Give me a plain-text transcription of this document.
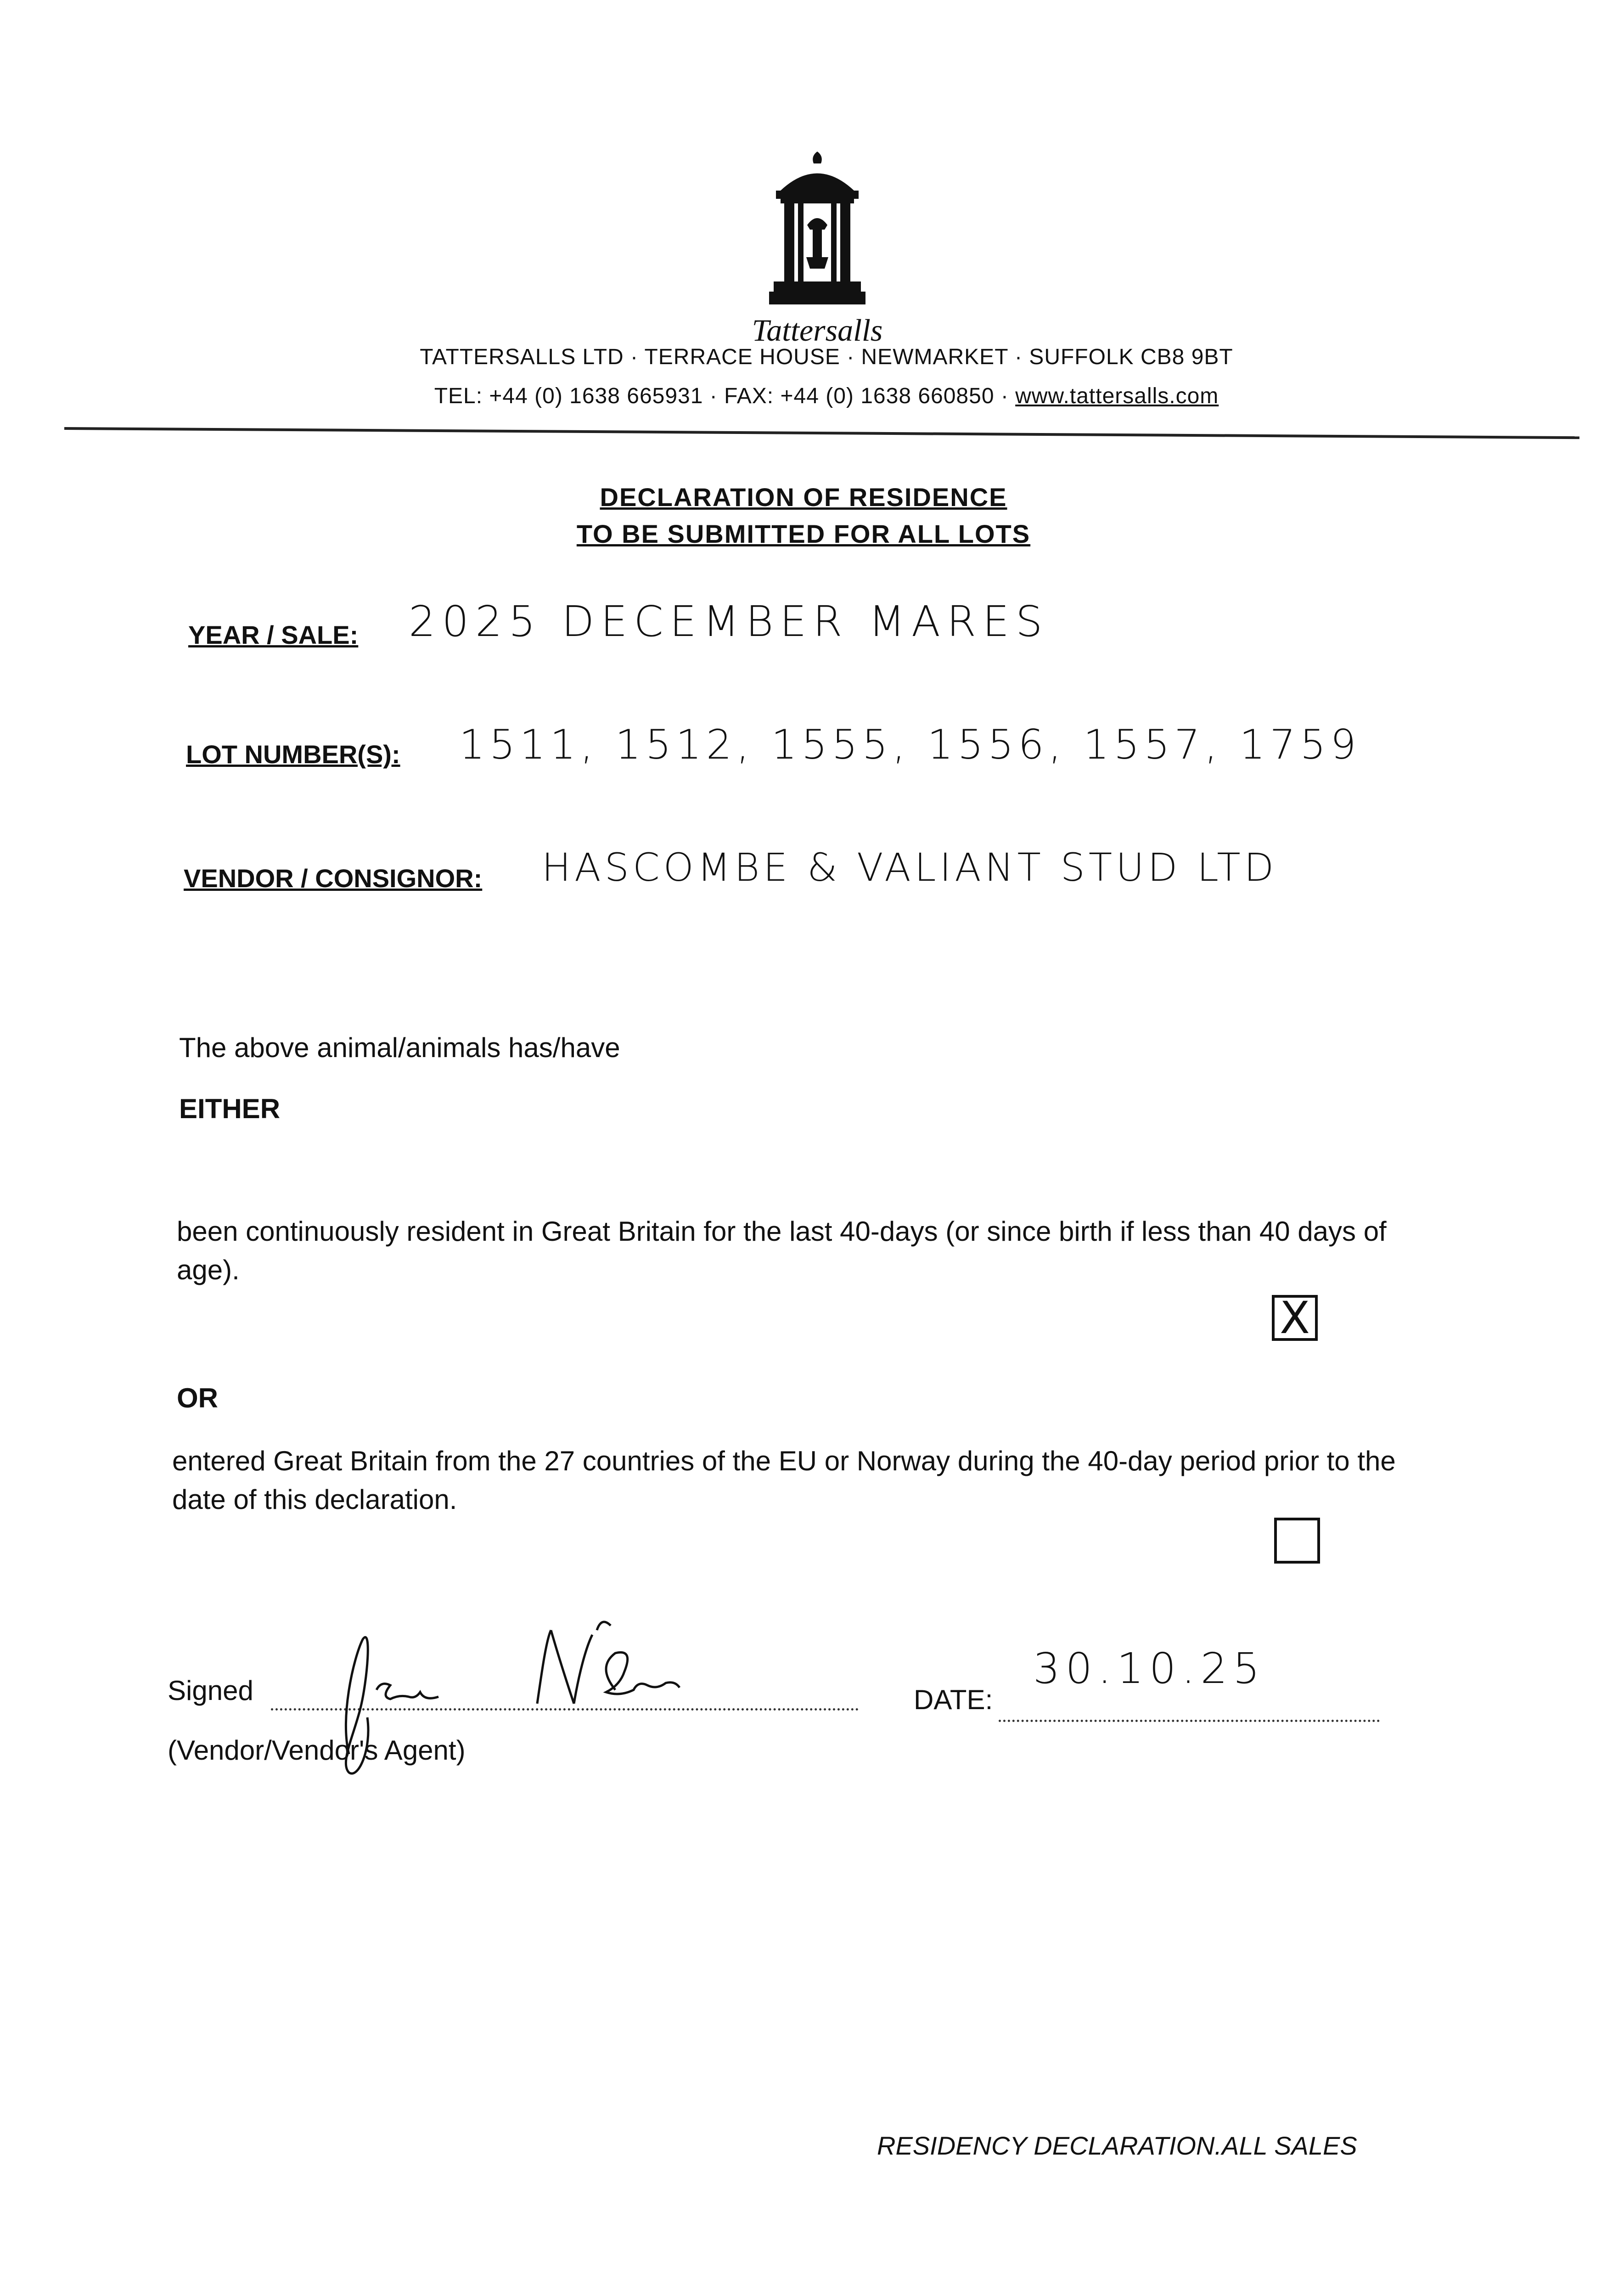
Tattersalls
TATTERSALLS LTD · TERRACE HOUSE · NEWMARKET · SUFFOLK CB8 9BT
TEL: +44 (0) 1638 665931 · FAX: +44 (0) 1638 660850 · www.tattersalls.com
DECLARATION OF RESIDENCE
TO BE SUBMITTED FOR ALL LOTS
YEAR / SALE: 2025 DECEMBER MARES
LOT NUMBER(S): 1511, 1512, 1555, 1556, 1557, 1759
VENDOR / CONSIGNOR: HASCOMBE & VALIANT STUD LTD
The above animal/animals has/have
EITHER
been continuously resident in Great Britain for the last 40-days (or since birth if less than 40 days of age).
X
OR
entered Great Britain from the 27 countries of the EU or Norway during the 40-day period prior to the date of this declaration.
Signed	DATE:
30.10.25
(Vendor/Vendor's Agent)
RESIDENCY DECLARATION.ALL SALES
